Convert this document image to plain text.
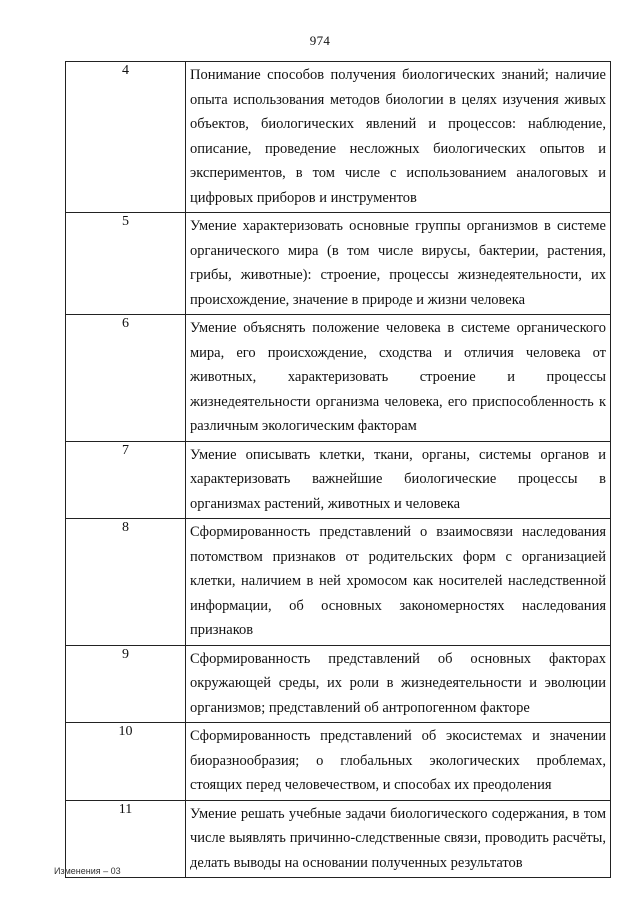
974
4	Понимание способов получения биологических знаний; наличие опыта использования методов биологии в целях изучения живых объектов, биологических явлений и процессов: наблюдение, описание, проведение несложных биологических опытов и экспериментов, в том числе с использованием аналоговых и цифровых приборов и инструментов
5	Умение характеризовать основные группы организмов в системе органического мира (в том числе вирусы, бактерии, растения, грибы, животные): строение, процессы жизнедеятельности, их происхождение, значение в природе и жизни человека
6	Умение объяснять положение человека в системе органического мира, его происхождение, сходства и отличия человека от животных, характеризовать строение и процессы жизнедеятельности организма человека, его приспособленность к различным экологическим факторам
7	Умение описывать клетки, ткани, органы, системы органов и характеризовать важнейшие биологические процессы в организмах растений, животных и человека
8	Сформированность представлений о взаимосвязи наследования потомством признаков от родительских форм с организацией клетки, наличием в ней хромосом как носителей наследственной информации, об основных закономерностях наследования признаков
9	Сформированность представлений об основных факторах окружающей среды, их роли в жизнедеятельности и эволюции организмов; представлений об антропогенном факторе
10	Сформированность представлений об экосистемах и значении биоразнообразия; о глобальных экологических проблемах, стоящих перед человечеством, и способах их преодоления
11	Умение решать учебные задачи биологического содержания, в том числе выявлять причинно-следственные связи, проводить расчёты, делать выводы на основании полученных результатов
Изменения – 03
